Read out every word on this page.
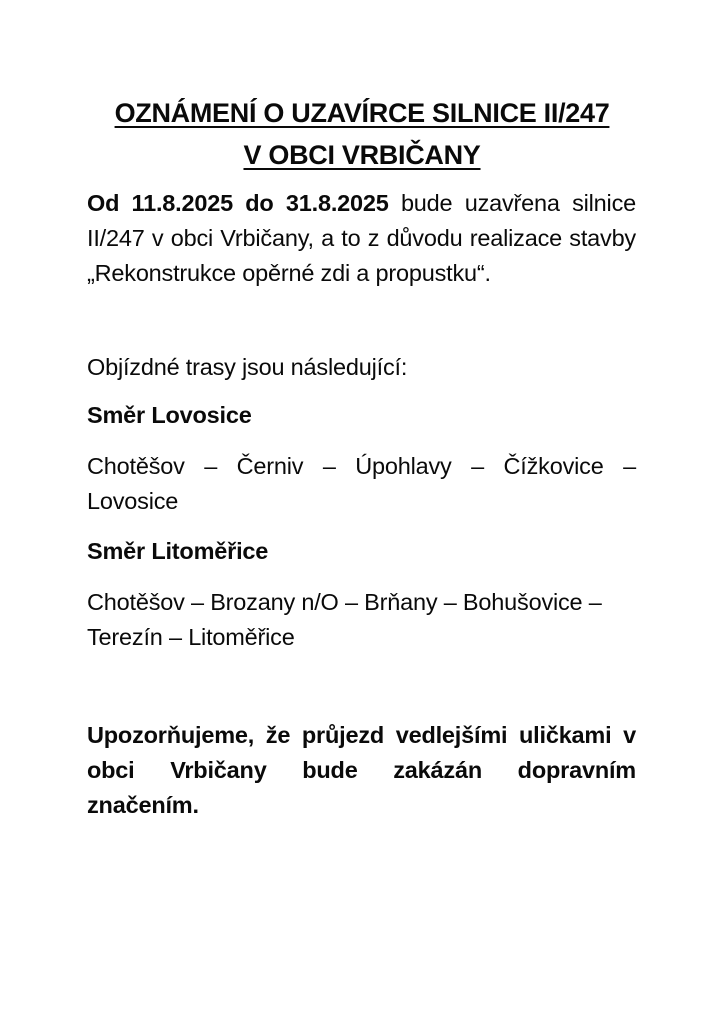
OZNÁMENÍ O UZAVÍRCE SILNICE II/247
V OBCI VRBIČANY

Od 11.8.2025 do 31.8.2025 bude uzavřena silnice II/247 v obci Vrbičany, a to z důvodu realizace stavby „Rekonstrukce opěrné zdi a propustku“.

Objízdné trasy jsou následující:

Směr Lovosice

Chotěšov – Černiv – Úpohlavy – Čížkovice – Lovosice

Směr Litoměřice

Chotěšov – Brozany n/O – Brňany – Bohušovice – Terezín – Litoměřice

Upozorňujeme, že průjezd vedlejšími uličkami v obci Vrbičany bude zakázán dopravním značením.
